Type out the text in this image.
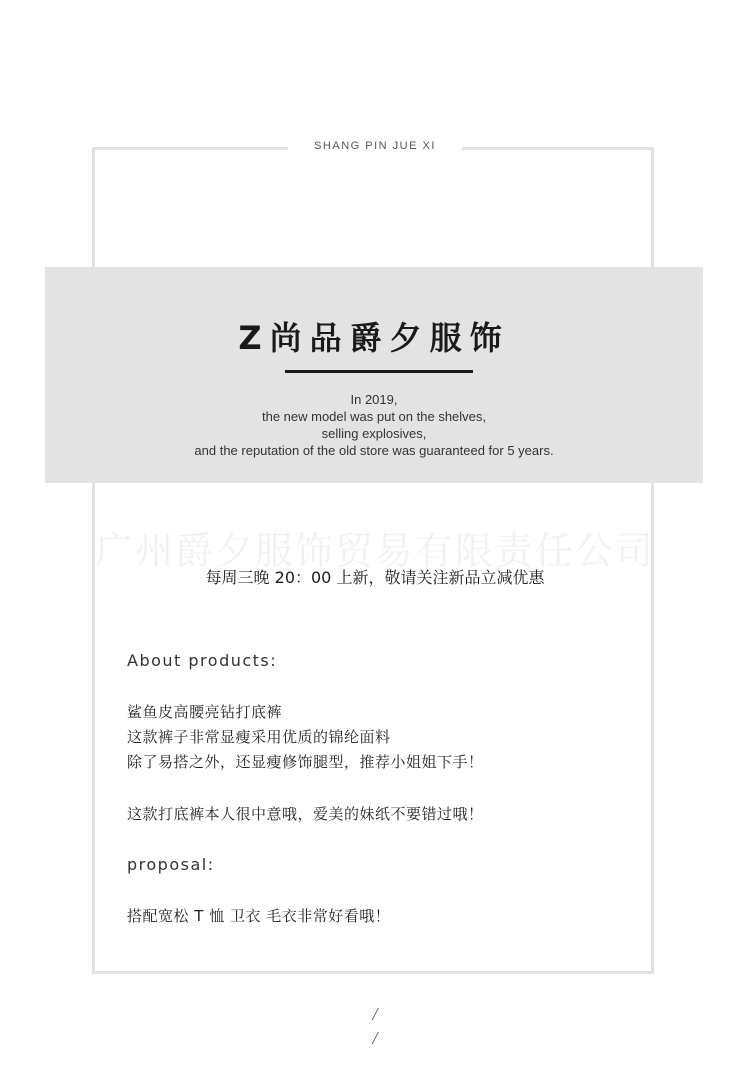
SHANG PIN JUE XI
Z尚品爵夕服饰
In 2019,
the new model was put on the shelves,
selling explosives,
and the reputation of the old store was guaranteed for 5 years.
广州爵夕服饰贸易有限责任公司
每周三晚 20：00 上新，敬请关注新品立减优惠
About products:
鲨鱼皮高腰亮钻打底裤
这款裤子非常显瘦采用优质的锦纶面料
除了易搭之外，还显瘦修饰腿型，推荐小姐姐下手！
这款打底裤本人很中意哦，爱美的妹纸不要错过哦！
proposal:
搭配宽松 T 恤 卫衣 毛衣非常好看哦！
/
/
